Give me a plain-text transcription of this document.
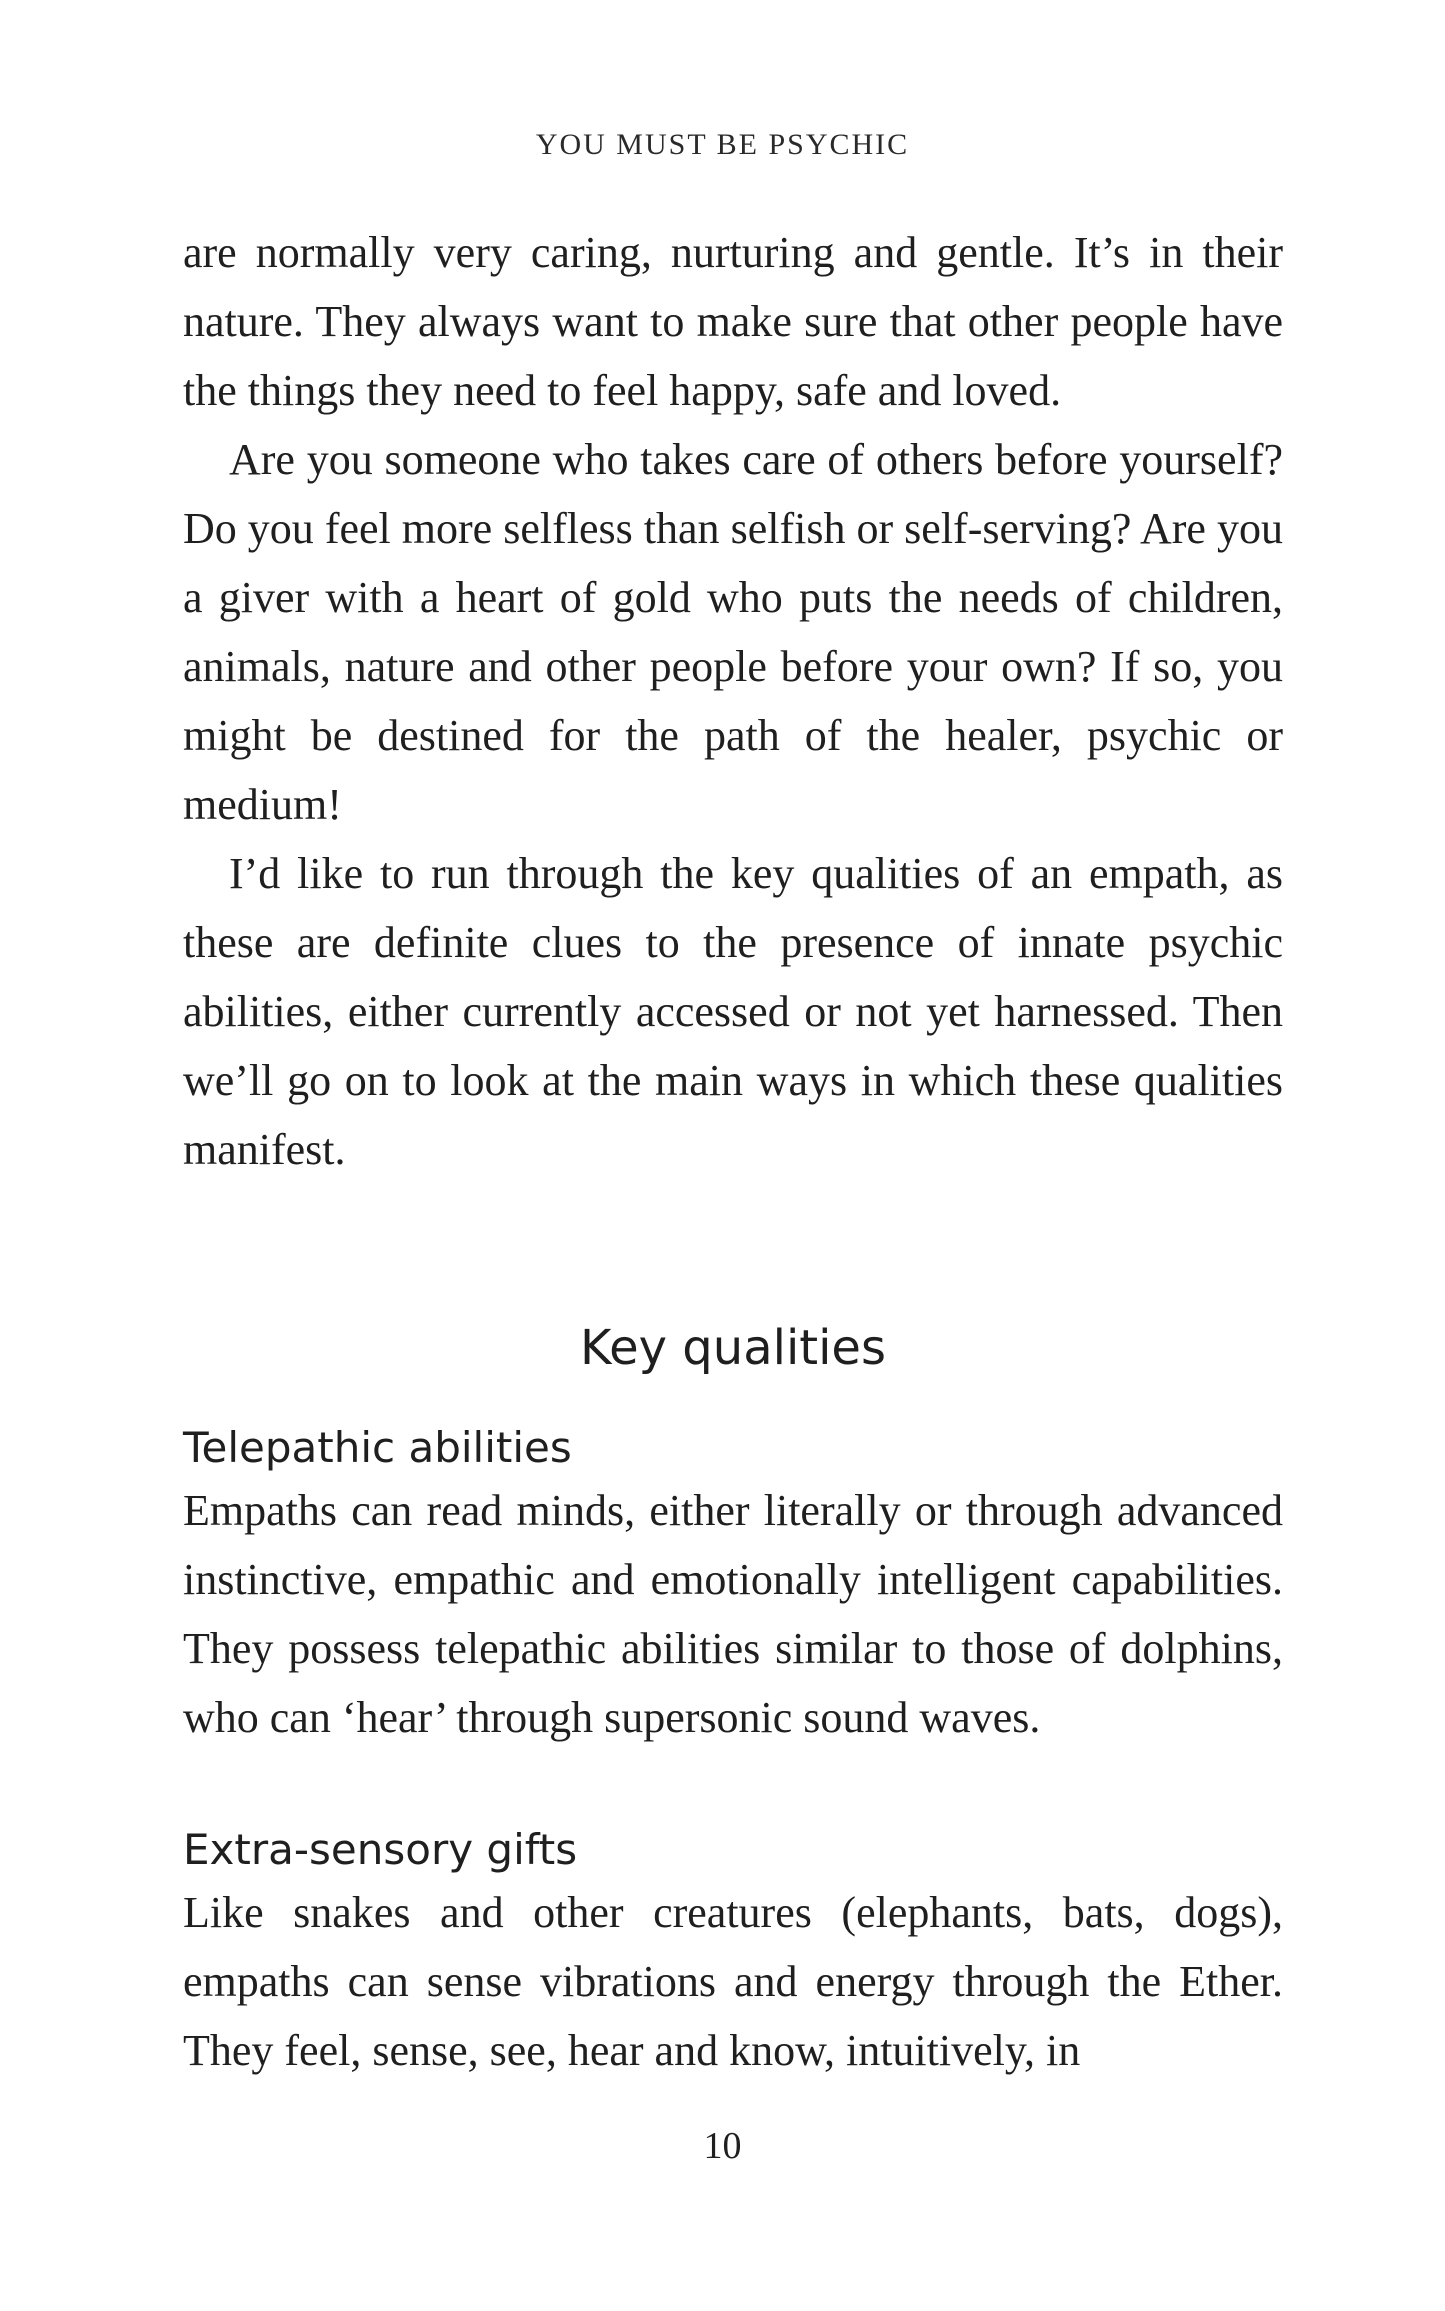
YOU MUST BE PSYCHIC

are normally very caring, nurturing and gentle. It’s in their nature. They always want to make sure that other people have the things they need to feel happy, safe and loved.

Are you someone who takes care of others before yourself? Do you feel more selfless than selfish or self-serving? Are you a giver with a heart of gold who puts the needs of children, animals, nature and other people before your own? If so, you might be destined for the path of the healer, psychic or medium!

I’d like to run through the key qualities of an empath, as these are definite clues to the presence of innate psychic abilities, either currently accessed or not yet harnessed. Then we’ll go on to look at the main ways in which these qualities manifest.

Key qualities
Telepathic abilities

Empaths can read minds, either literally or through advanced instinctive, empathic and emotionally intelligent capabilities. They possess telepathic abilities similar to those of dolphins, who can ‘hear’ through supersonic sound waves.

Extra-sensory gifts

Like snakes and other creatures (elephants, bats, dogs), empaths can sense vibrations and energy through the Ether. They feel, sense, see, hear and know, intuitively, in

10
